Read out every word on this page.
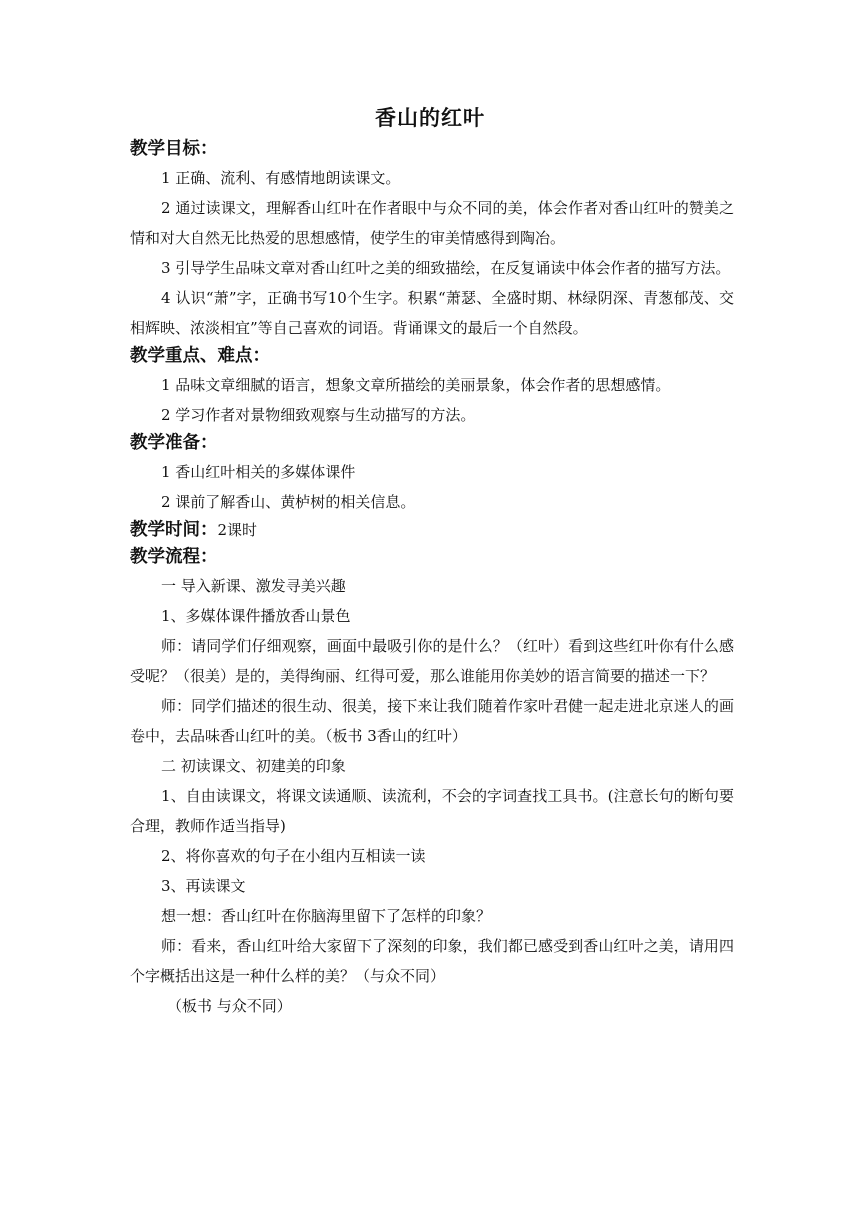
香山的红叶
教学目标：
1 正确、流利、有感情地朗读课文。
2 通过读课文，理解香山红叶在作者眼中与众不同的美，体会作者对香山红叶的赞美之情和对大自然无比热爱的思想感情，使学生的审美情感得到陶冶。
3 引导学生品味文章对香山红叶之美的细致描绘，在反复诵读中体会作者的描写方法。
4 认识“萧”字，正确书写10个生字。积累“萧瑟、全盛时期、林绿阴深、青葱郁茂、交相辉映、浓淡相宜”等自己喜欢的词语。背诵课文的最后一个自然段。
教学重点、难点：
1 品味文章细腻的语言，想象文章所描绘的美丽景象，体会作者的思想感情。
2 学习作者对景物细致观察与生动描写的方法。
教学准备：
1 香山红叶相关的多媒体课件
2 课前了解香山、黄栌树的相关信息。
教学时间：2课时
教学流程：
一 导入新课、激发寻美兴趣
1、多媒体课件播放香山景色
师：请同学们仔细观察，画面中最吸引你的是什么？（红叶）看到这些红叶你有什么感受呢？（很美）是的，美得绚丽、红得可爱，那么谁能用你美妙的语言简要的描述一下？
师：同学们描述的很生动、很美，接下来让我们随着作家叶君健一起走进北京迷人的画卷中，去品味香山红叶的美。（板书 3香山的红叶）
二 初读课文、初建美的印象
1、自由读课文，将课文读通顺、读流利，不会的字词查找工具书。(注意长句的断句要合理，教师作适当指导)
2、将你喜欢的句子在小组内互相读一读
3、再读课文
想一想：香山红叶在你脑海里留下了怎样的印象？
师：看来，香山红叶给大家留下了深刻的印象，我们都已感受到香山红叶之美，请用四个字概括出这是一种什么样的美？（与众不同）
（板书 与众不同）
